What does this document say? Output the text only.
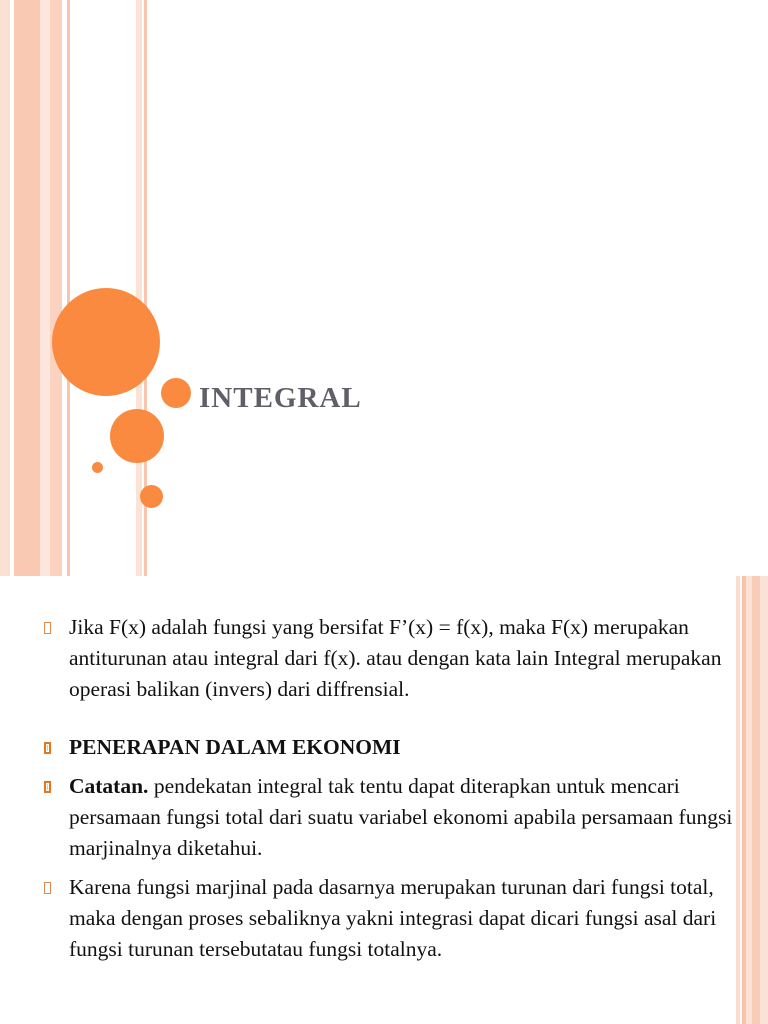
INTEGRAL
Jika F(x) adalah fungsi yang bersifat F’(x) = f(x), maka F(x) merupakan antiturunan atau integral dari f(x). atau dengan kata lain Integral merupakan operasi balikan (invers) dari diffrensial.
PENERAPAN DALAM EKONOMI
Catatan. pendekatan integral tak tentu dapat diterapkan untuk mencari persamaan fungsi total dari suatu variabel ekonomi apabila persamaan fungsi marjinalnya diketahui.
Karena fungsi marjinal pada dasarnya merupakan turunan dari fungsi total, maka dengan proses sebaliknya yakni integrasi dapat dicari fungsi asal dari fungsi turunan tersebutatau fungsi totalnya.
